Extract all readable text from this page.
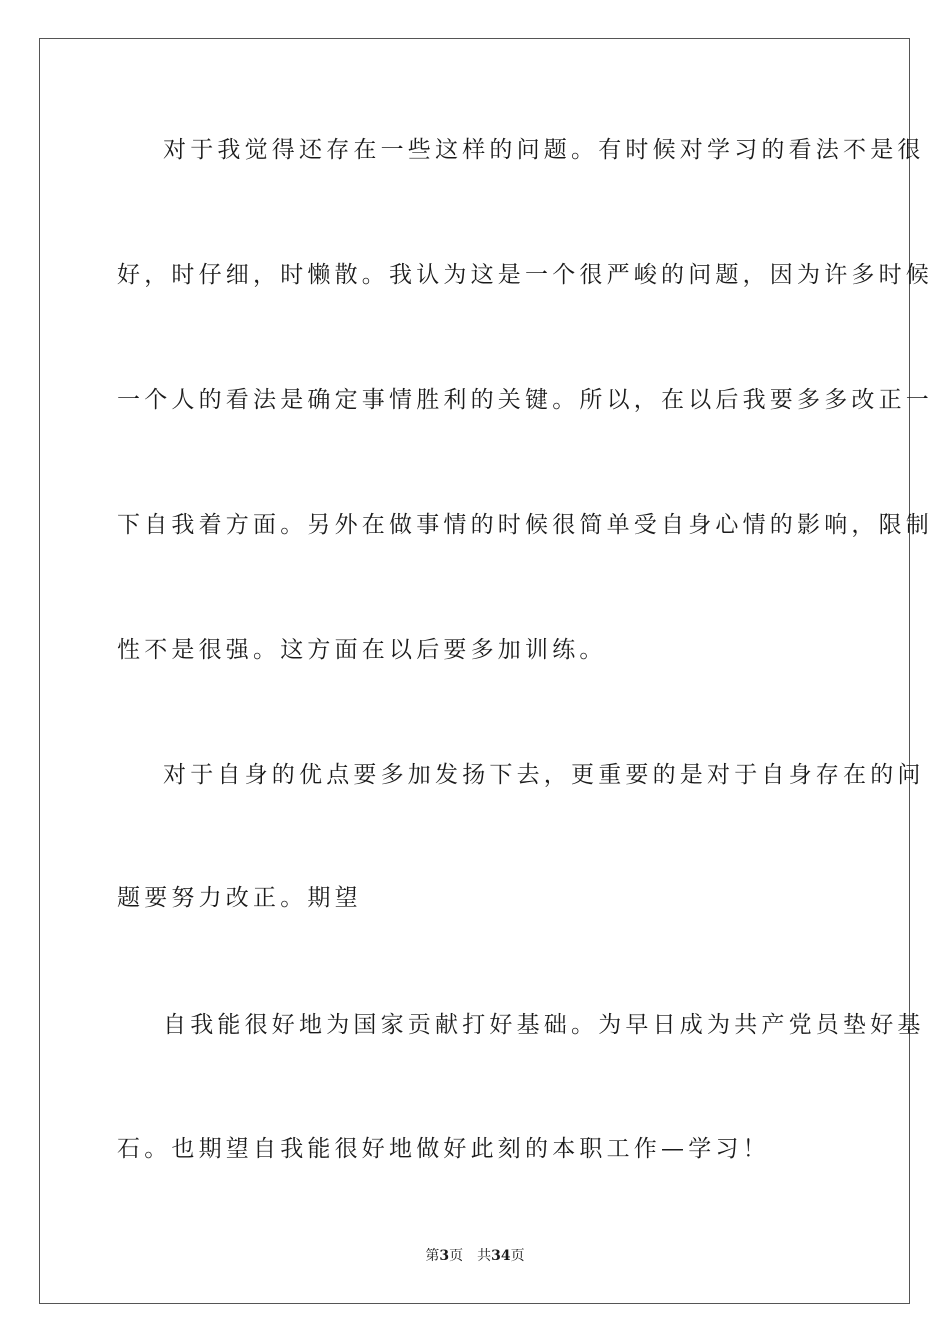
对于我觉得还存在一些这样的问题。有时候对学习的看法不是很
好，时仔细，时懒散。我认为这是一个很严峻的问题，因为许多时候
一个人的看法是确定事情胜利的关键。所以，在以后我要多多改正一
下自我着方面。另外在做事情的时候很简单受自身心情的影响，限制
性不是很强。这方面在以后要多加训练。
对于自身的优点要多加发扬下去，更重要的是对于自身存在的问
题要努力改正。期望
自我能很好地为国家贡献打好基础。为早日成为共产党员垫好基
石。也期望自我能很好地做好此刻的本职工作—学习！
第3页 共34页
